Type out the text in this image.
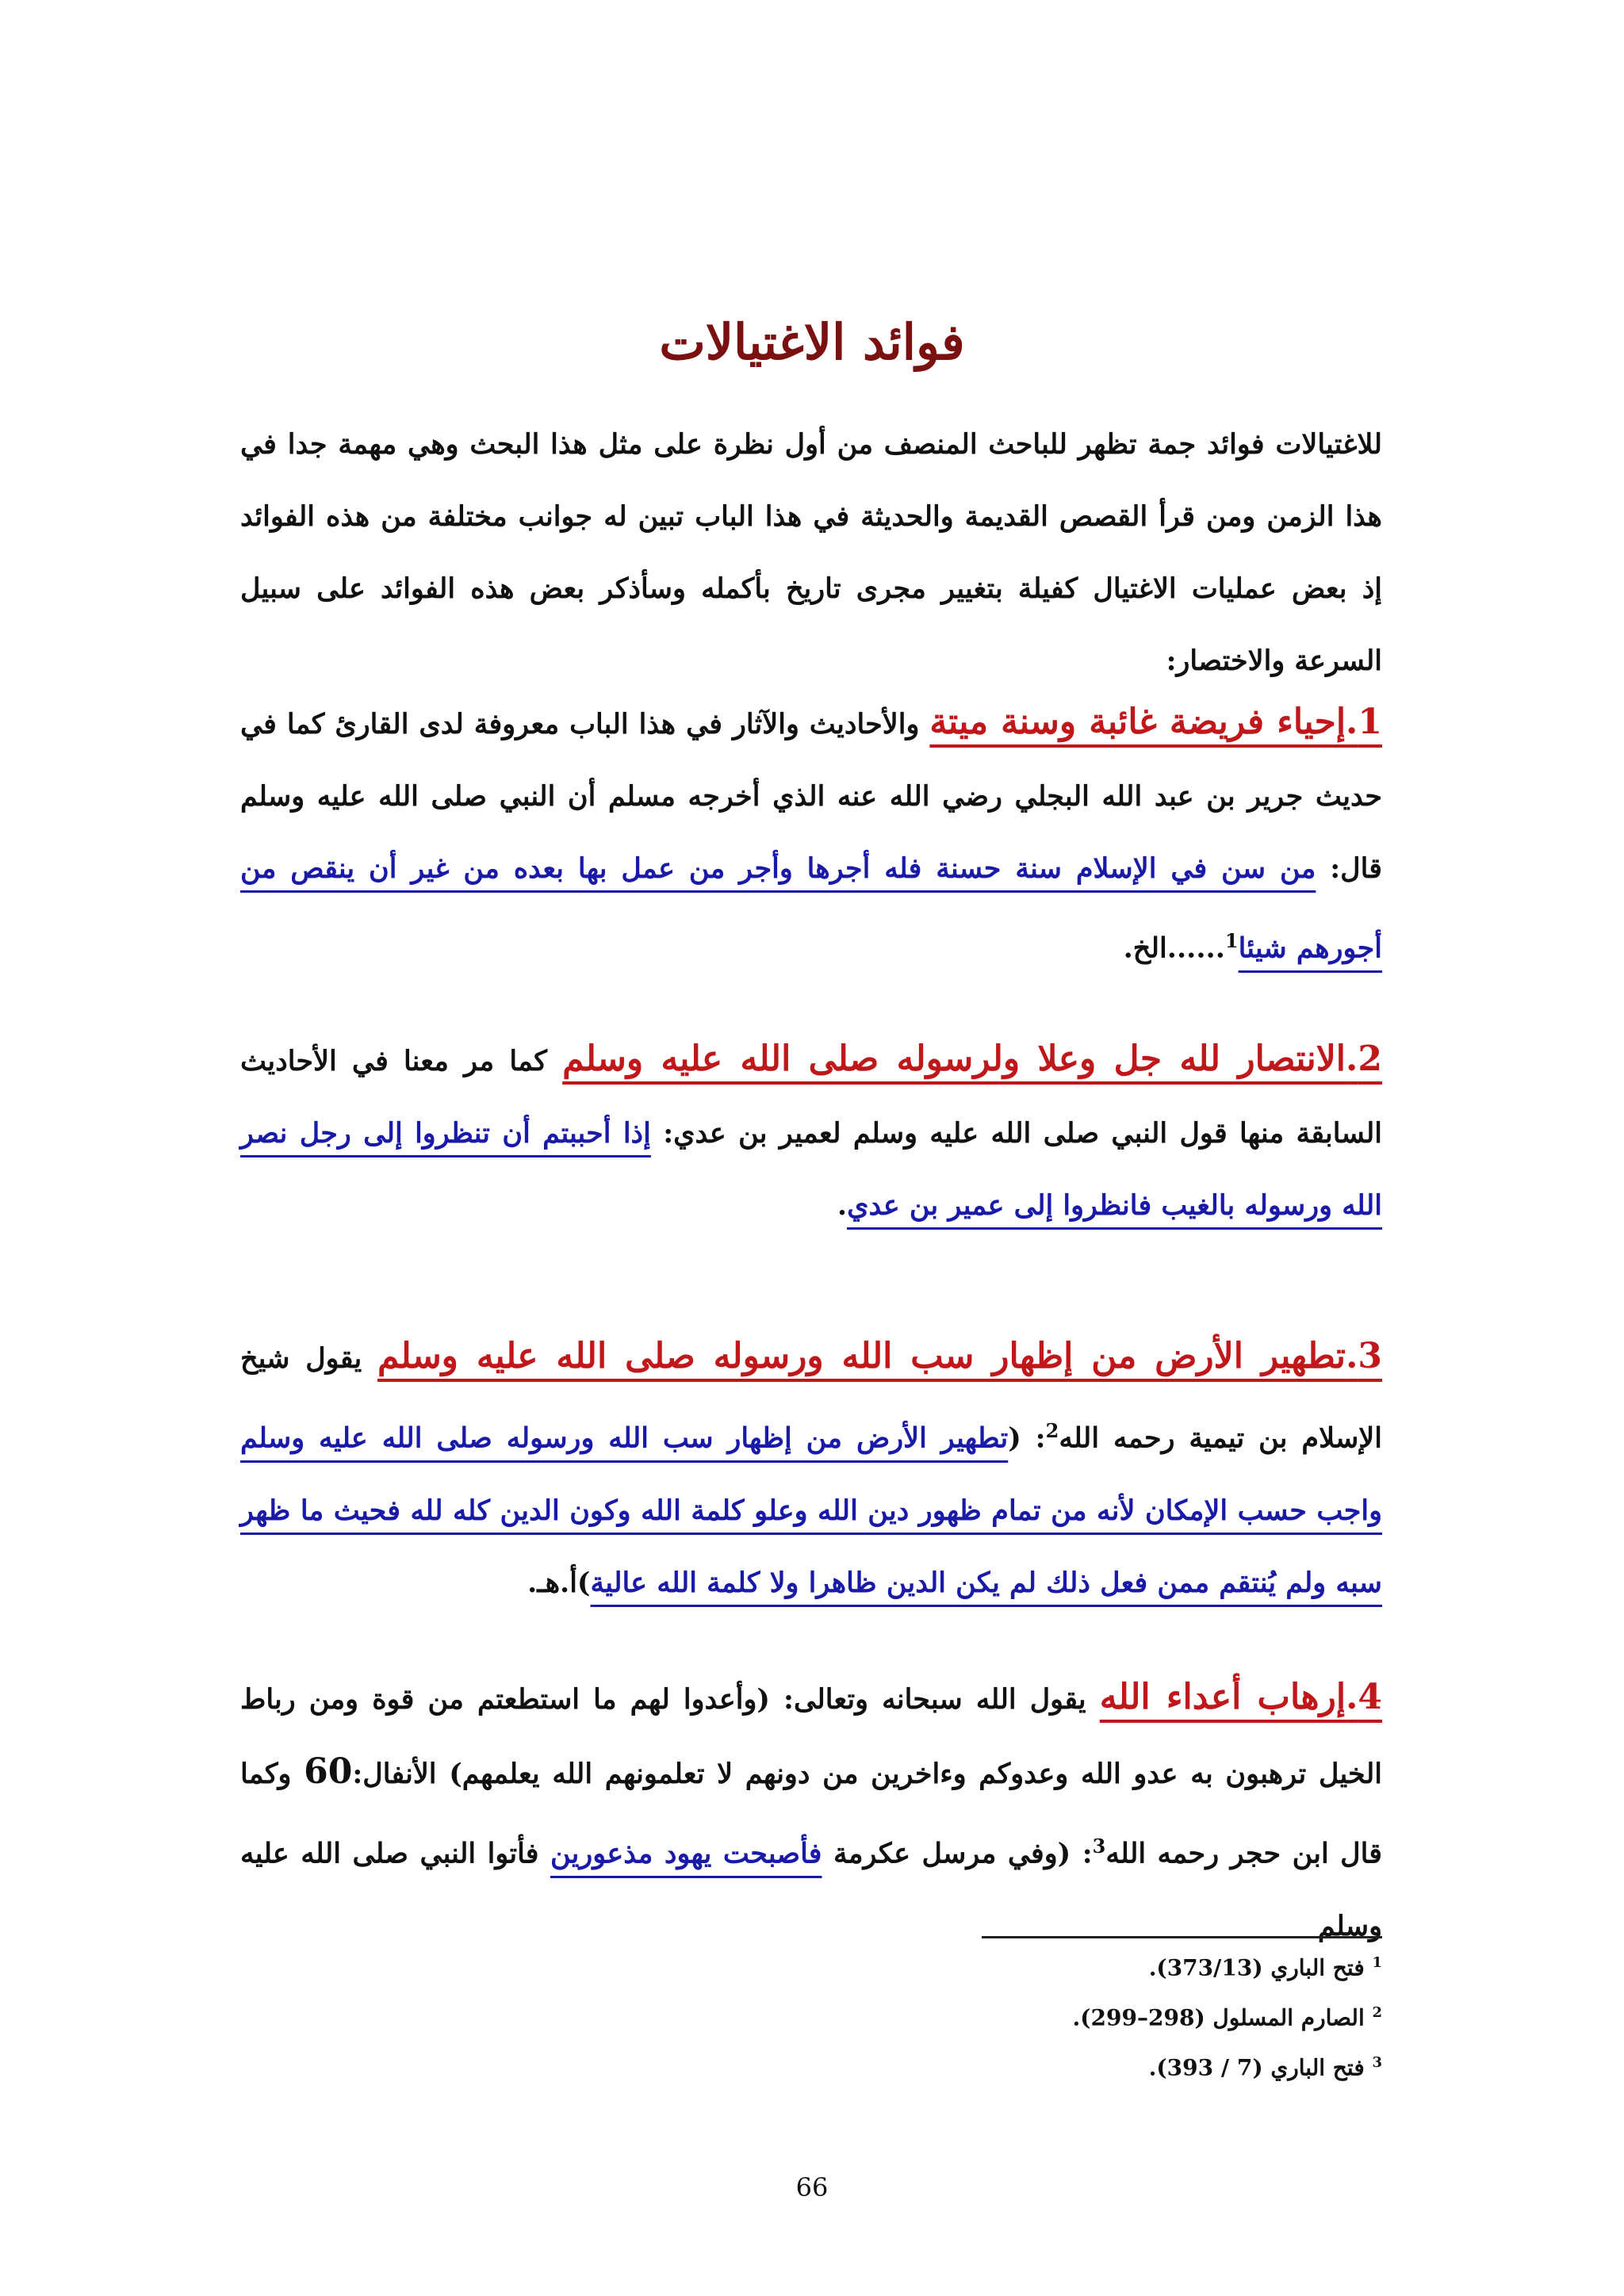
فوائد الاغتيالات
للاغتيالات فوائد جمة تظهر للباحث المنصف من أول نظرة على مثل هذا البحث وهي مهمة جدا في هذا الزمن ومن قرأ القصص القديمة والحديثة في هذا الباب تبين له جوانب مختلفة من هذه الفوائد إذ بعض عمليات الاغتيال كفيلة بتغيير مجرى تاريخ بأكمله وسأذكر بعض هذه الفوائد على سبيل السرعة والاختصار:
1.إحياء فريضة غائبة وسنة ميتة والأحاديث والآثار في هذا الباب معروفة لدى القارئ كما في حديث جرير بن عبد الله البجلي رضي الله عنه الذي أخرجه مسلم أن النبي صلى الله عليه وسلم قال: من سن في الإسلام سنة حسنة فله أجرها وأجر من عمل بها بعده من غير أن ينقص من أجورهم شيئا$^1$......الخ.
2.الانتصار لله جل وعلا ولرسوله صلى الله عليه وسلم كما مر معنا في الأحاديث السابقة منها قول النبي صلى الله عليه وسلم لعمير بن عدي: إذا أحببتم أن تنظروا إلى رجل نصر الله ورسوله بالغيب فانظروا إلى عمير بن عدي.
3.تطهير الأرض من إظهار سب الله ورسوله صلى الله عليه وسلم يقول شيخ الإسلام بن تيمية رحمه الله$^2$: (تطهير الأرض من إظهار سب الله ورسوله صلى الله عليه وسلم واجب حسب الإمكان لأنه من تمام ظهور دين الله وعلو كلمة الله وكون الدين كله لله فحيث ما ظهر سبه ولم يُنتقم ممن فعل ذلك لم يكن الدين ظاهرا ولا كلمة الله عالية)أ.هـ.
4.إرهاب أعداء الله يقول الله سبحانه وتعالى: (وأعدوا لهم ما استطعتم من قوة ومن رباط الخيل ترهبون به عدو الله وعدوكم وءاخرين من دونهم لا تعلمونهم الله يعلمهم) الأنفال:60 وكما قال ابن حجر رحمه الله$^3$: (وفي مرسل عكرمة فأصبحت يهود مذعورين فأتوا النبي صلى الله عليه وسلم
$^1$ فتح الباري (373/13).
$^2$ الصارم المسلول (298–299).
$^3$ فتح الباري (7 / 393).
66
